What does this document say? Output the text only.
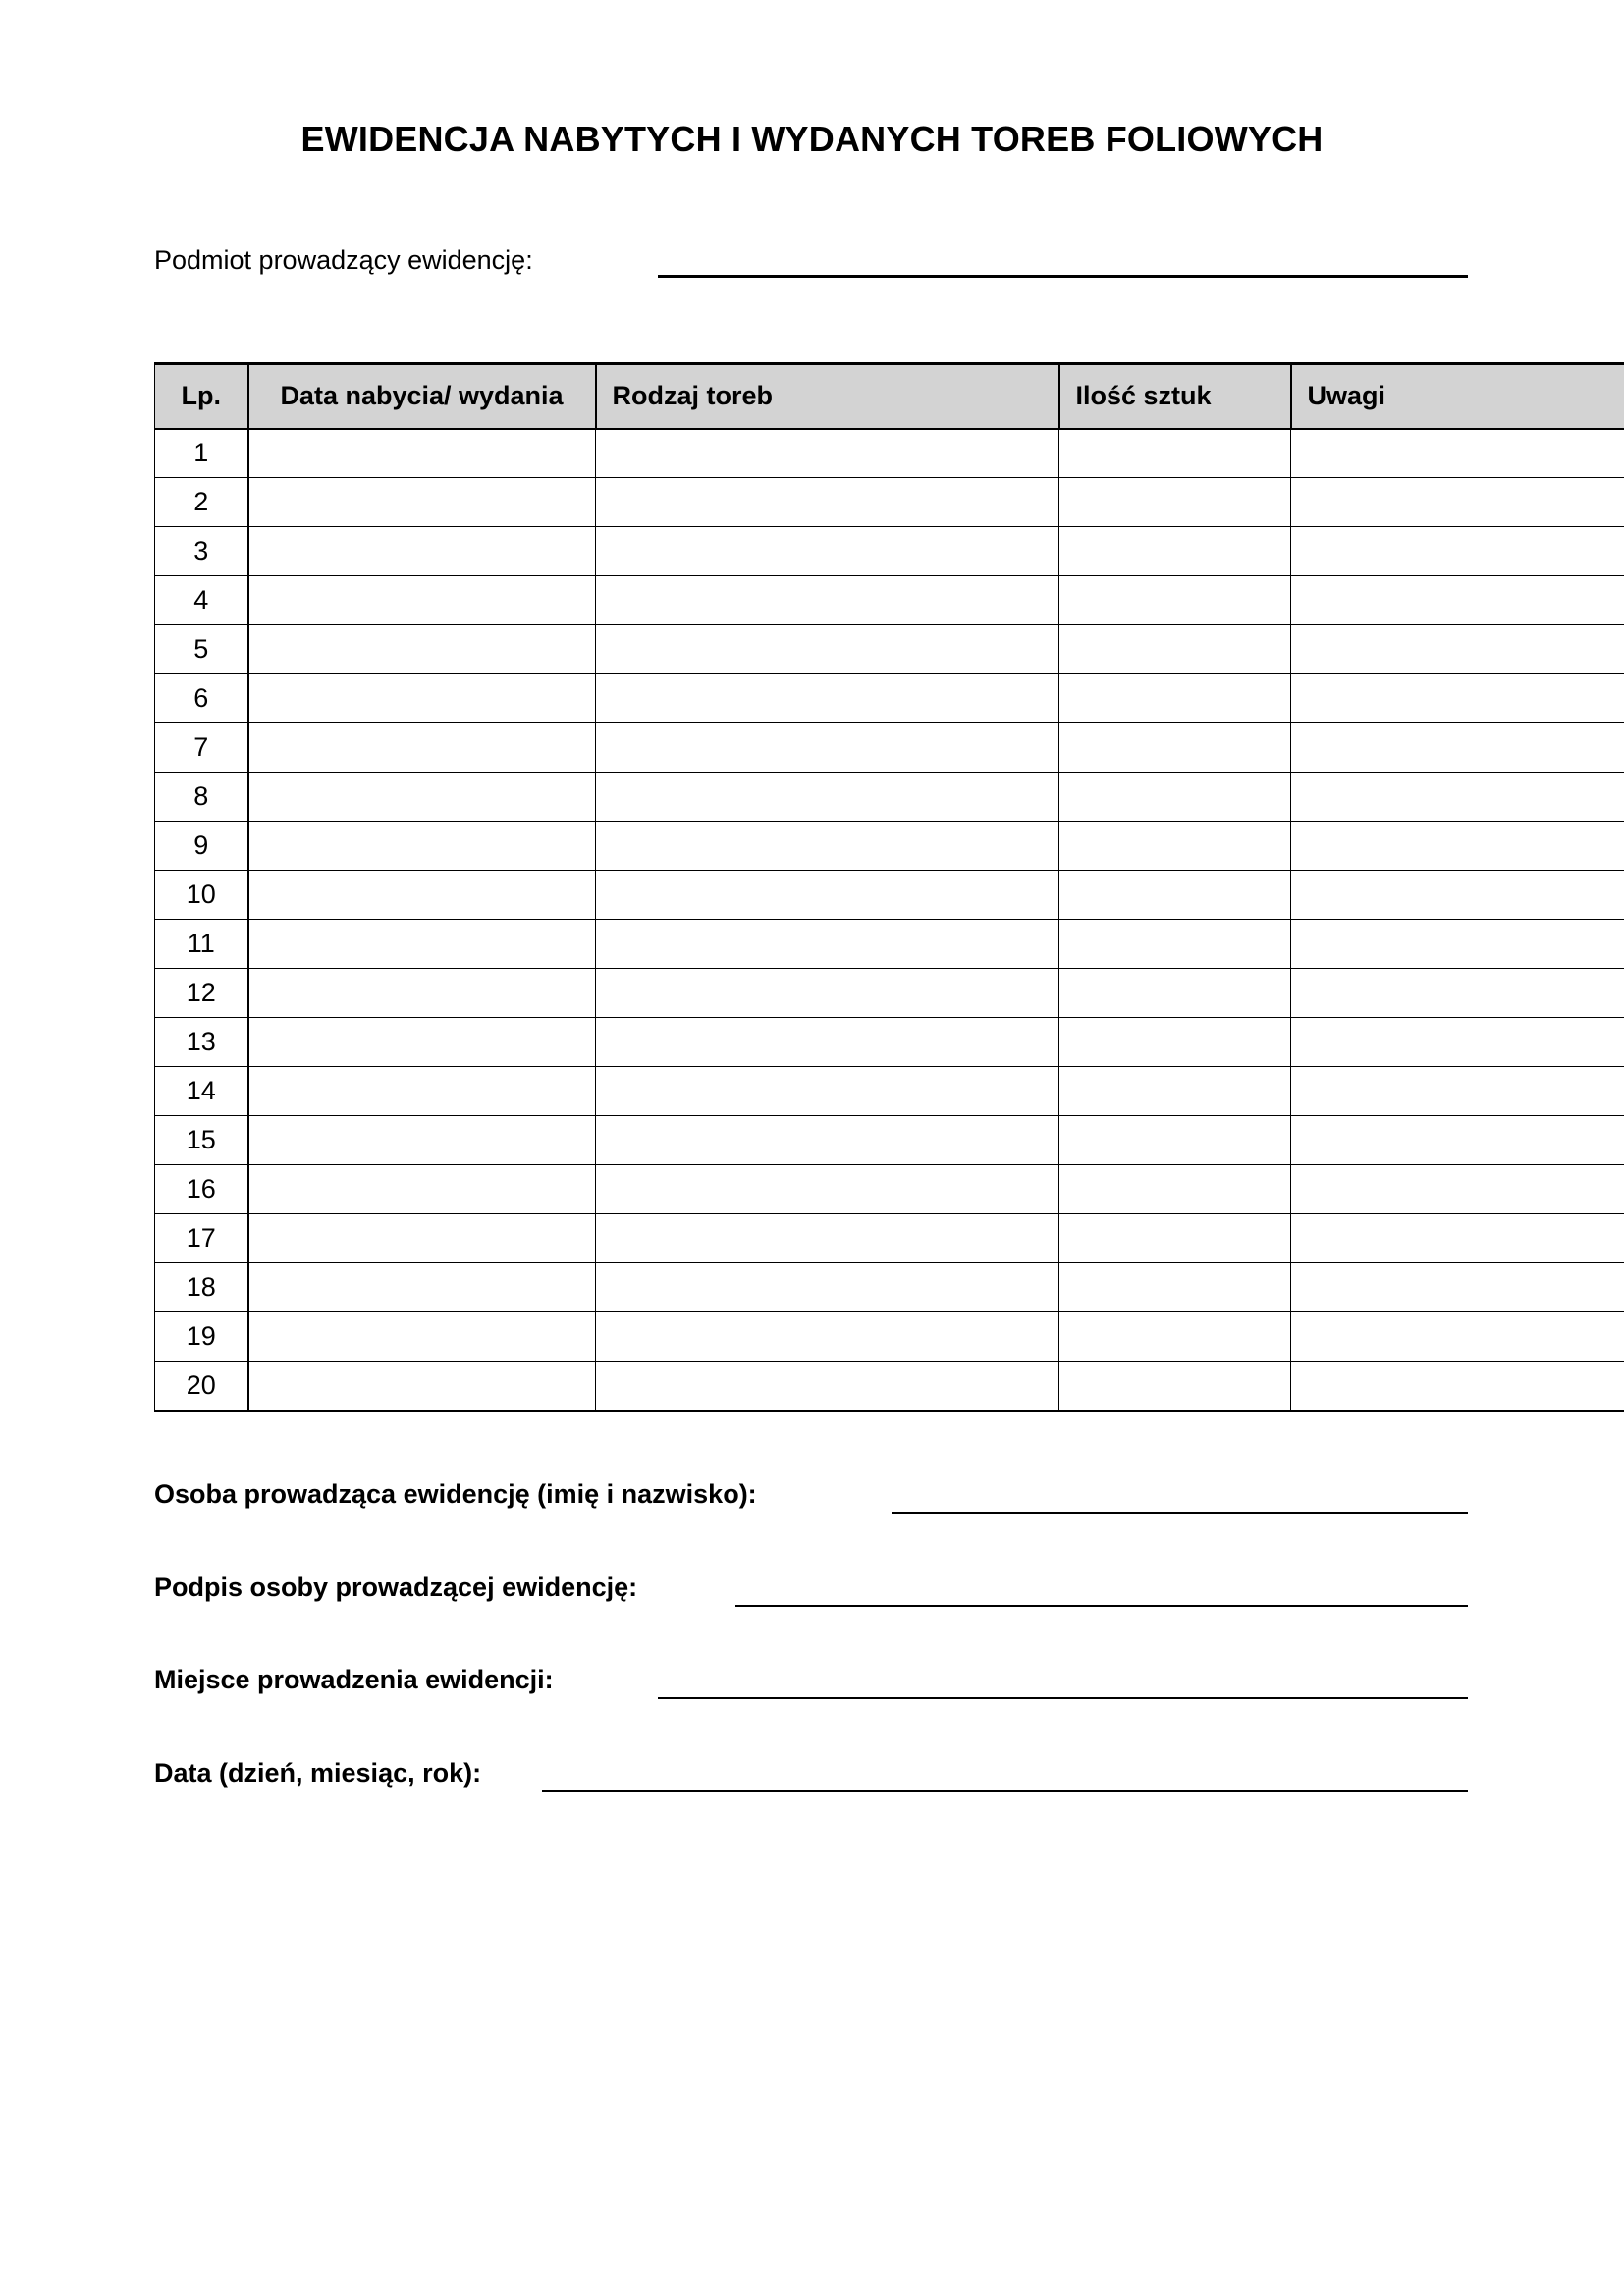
EWIDENCJA NABYTYCH I WYDANYCH TOREB FOLIOWYCH
Podmiot prowadzący ewidencję:
Lp.	Data nabycia/ wydania	Rodzaj toreb	Ilość sztuk	Uwagi
1				
2				
3				
4				
5				
6				
7				
8				
9				
10				
11				
12				
13				
14				
15				
16				
17				
18				
19				
20				
Osoba prowadząca ewidencję (imię i nazwisko):
Podpis osoby prowadzącej ewidencję:
Miejsce prowadzenia ewidencji:
Data (dzień, miesiąc, rok):
